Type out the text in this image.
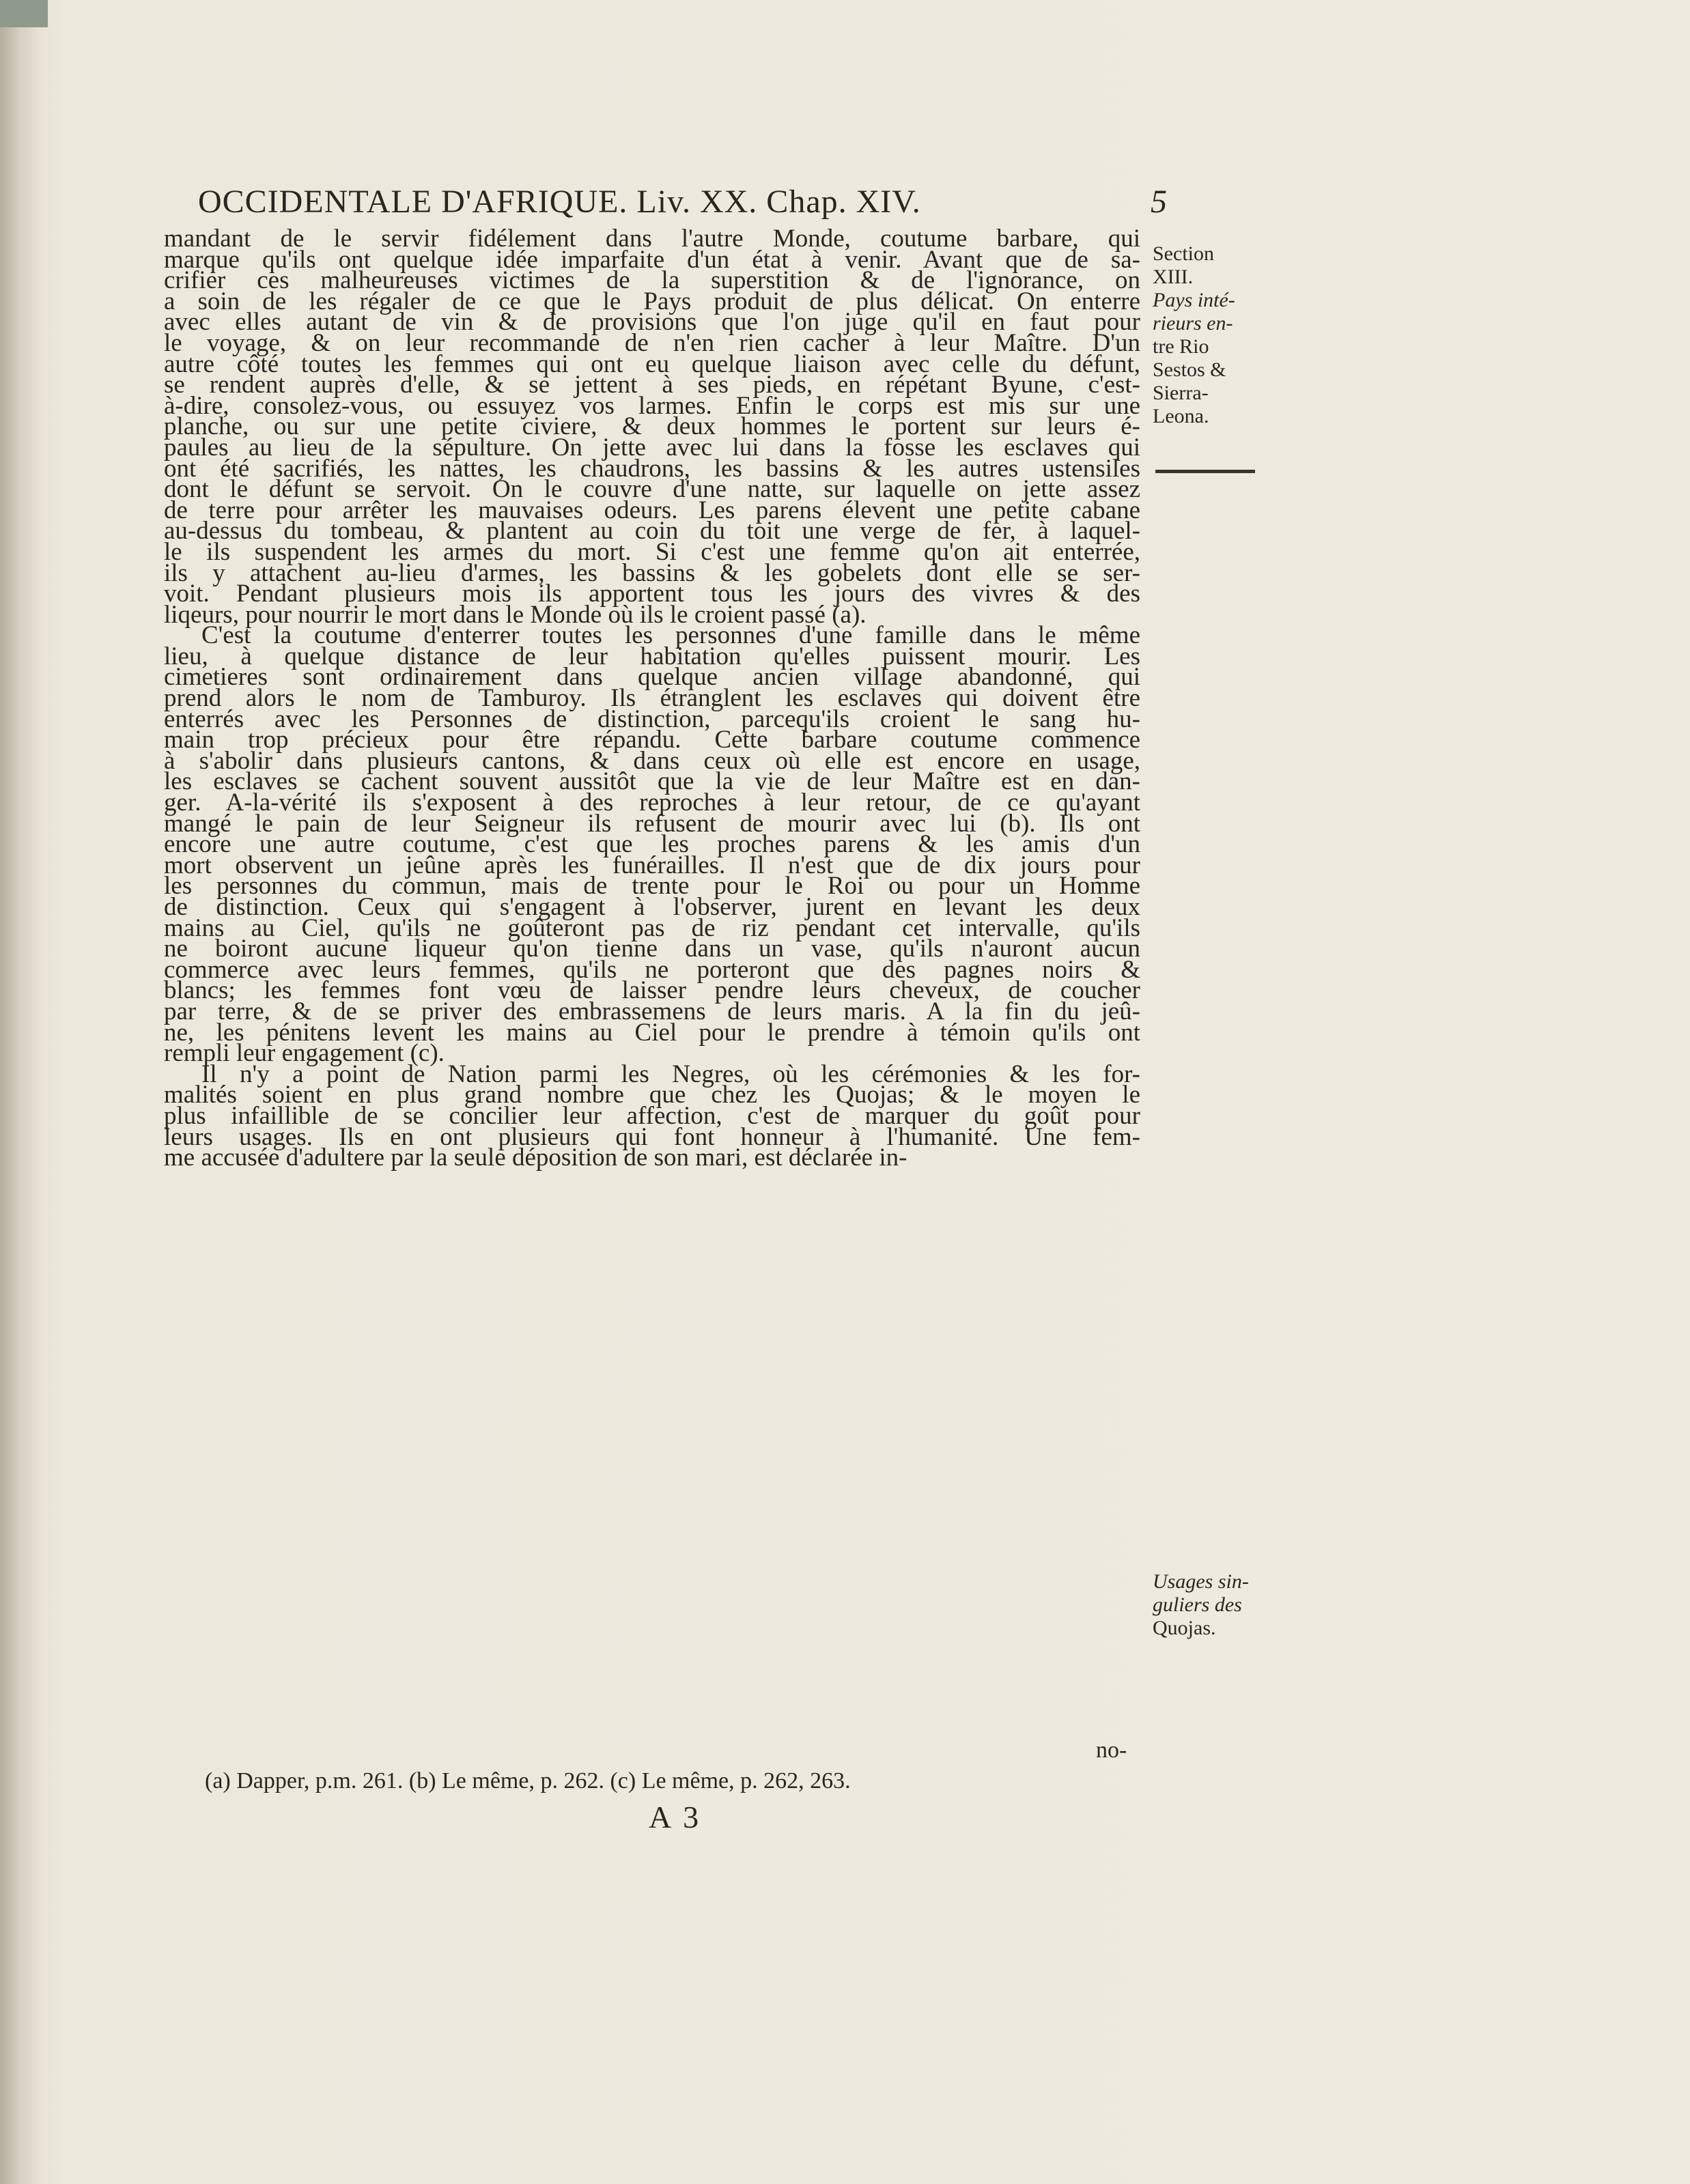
OCCIDENTALE D'AFRIQUE. Liv. XX. Chap. XIV.	5
mandant de le servir fidélement dans l'autre Monde, coutume barbare, qui
marque qu'ils ont quelque idée imparfaite d'un état à venir. Avant que de sa-
crifier ces malheureuses victimes de la superstition & de l'ignorance, on
a soin de les régaler de ce que le Pays produit de plus délicat. On enterre
avec elles autant de vin & de provisions que l'on juge qu'il en faut pour
le voyage, & on leur recommande de n'en rien cacher à leur Maître. D'un
autre côté toutes les femmes qui ont eu quelque liaison avec celle du défunt,
se rendent auprès d'elle, & se jettent à ses pieds, en répétant Byune, c'est-
à-dire, consolez-vous, ou essuyez vos larmes. Enfin le corps est mis sur une
planche, ou sur une petite civiere, & deux hommes le portent sur leurs é-
paules au lieu de la sépulture. On jette avec lui dans la fosse les esclaves qui
ont été sacrifiés, les nattes, les chaudrons, les bassins & les autres ustensiles
dont le défunt se servoit. On le couvre d'une natte, sur laquelle on jette assez
de terre pour arrêter les mauvaises odeurs. Les parens élevent une petite cabane
au-dessus du tombeau, & plantent au coin du toit une verge de fer, à laquel-
le ils suspendent les armes du mort. Si c'est une femme qu'on ait enterrée,
ils y attachent au-lieu d'armes, les bassins & les gobelets dont elle se ser-
voit. Pendant plusieurs mois ils apportent tous les jours des vivres & des
liqeurs, pour nourrir le mort dans le Monde où ils le croient passé (a).
C'est la coutume d'enterrer toutes les personnes d'une famille dans le même
lieu, à quelque distance de leur habitation qu'elles puissent mourir. Les
cimetieres sont ordinairement dans quelque ancien village abandonné, qui
prend alors le nom de Tamburoy. Ils étranglent les esclaves qui doivent être
enterrés avec les Personnes de distinction, parcequ'ils croient le sang hu-
main trop précieux pour être répandu. Cette barbare coutume commence
à s'abolir dans plusieurs cantons, & dans ceux où elle est encore en usage,
les esclaves se cachent souvent aussitôt que la vie de leur Maître est en dan-
ger. A-la-vérité ils s'exposent à des reproches à leur retour, de ce qu'ayant
mangé le pain de leur Seigneur ils refusent de mourir avec lui (b). Ils ont
encore une autre coutume, c'est que les proches parens & les amis d'un
mort observent un jeûne après les funérailles. Il n'est que de dix jours pour
les personnes du commun, mais de trente pour le Roi ou pour un Homme
de distinction. Ceux qui s'engagent à l'observer, jurent en levant les deux
mains au Ciel, qu'ils ne goûteront pas de riz pendant cet intervalle, qu'ils
ne boiront aucune liqueur qu'on tienne dans un vase, qu'ils n'auront aucun
commerce avec leurs femmes, qu'ils ne porteront que des pagnes noirs &
blancs; les femmes font vœu de laisser pendre leurs cheveux, de coucher
par terre, & de se priver des embrassemens de leurs maris. A la fin du jeû-
ne, les pénitens levent les mains au Ciel pour le prendre à témoin qu'ils ont
rempli leur engagement (c).
Il n'y a point de Nation parmi les Negres, où les cérémonies & les for-
malités soient en plus grand nombre que chez les Quojas; & le moyen le
plus infaillible de se concilier leur affection, c'est de marquer du goût pour
leurs usages. Ils en ont plusieurs qui font honneur à l'humanité. Une fem-
me accusée d'adultere par la seule déposition de son mari, est déclarée in-
Section
XIII.
Pays inté-
rieurs en-
tre Rio
Sestos &
Sierra-
Leona.
Usages sin-
guliers des
Quojas.
no-
(a) Dapper, p.m. 261. (b) Le même, p. 262. (c) Le même, p. 262, 263.
A 3
